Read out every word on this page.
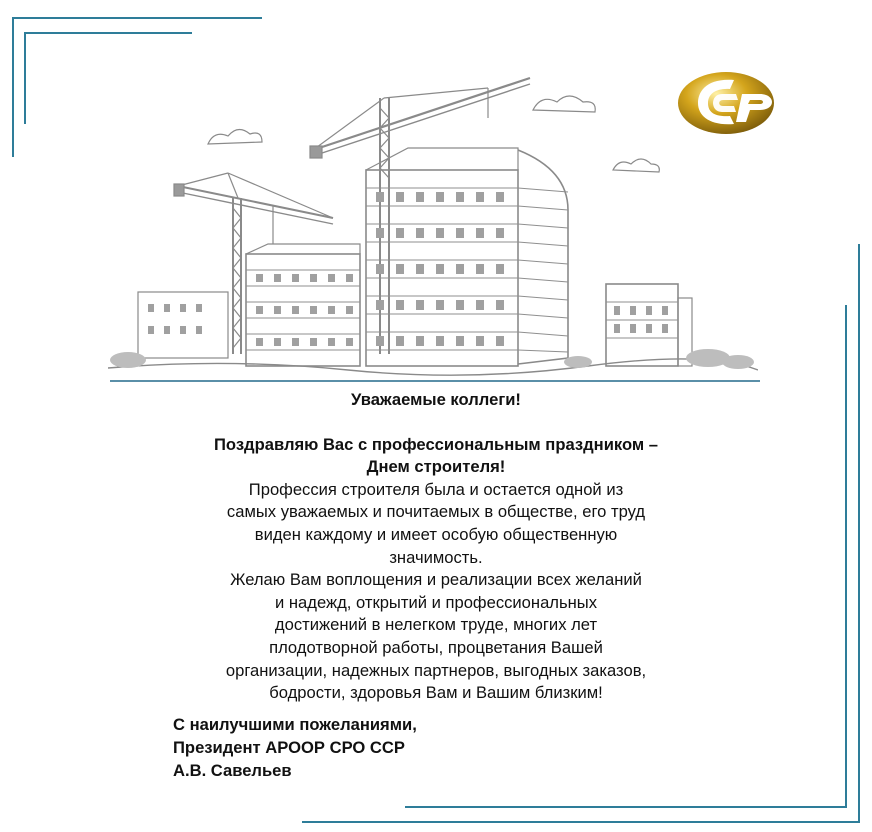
Уважаемые коллеги!

Поздравляю Вас с профессиональным праздником –

Днем строителя!

Профессия строителя была и остается одной из

самых уважаемых и почитаемых в обществе, его труд

виден каждому и имеет особую общественную

значимость.

Желаю Вам воплощения и реализации всех желаний

и надежд, открытий и профессиональных

достижений в нелегком труде, многих лет

плодотворной работы, процветания Вашей

организации, надежных партнеров, выгодных заказов,

бодрости, здоровья Вам и Вашим близким!

С наилучшими пожеланиями,

Президент АРООР СРО ССР

А.В. Савельев
